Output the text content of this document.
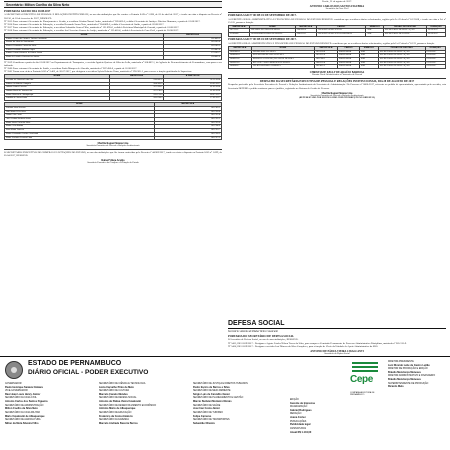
Secretário: Milton Coelho da Silva Neto
PORTARIAS SAD DO DIA 10.08.2017
A SECRETÁRIA EXECUTIVA DE PESSOAL E RELAÇÕES INSTITUCIONAIS, no uso das atribuições que lhe confere a Portaria SAD nº 1.096, de 05 de abril de 2017, e tendo em vista o disposto no Decreto nº 38.150, de 18 de fevereiro de 2017, RESOLVE:
Nº 3555 Fazer retornar à Secretaria de Planejamento e Gestão, a servidora Cristina Nazaré Andre, matrícula nº 385.665-0, cedida à Secretaria de Justiça e Direitos Humanos, a partir de 01.08.2017.
Nº 3556 Fazer retornar à Secretaria de Educação, o servidor Bernardo Souza Neto, matrícula nº 264.869-0, cedido à Secretaria de Saúde, a partir de 02.08.2017.
Nº 3557 Fazer retornar à Secretaria de Educação, a servidora Sebastião Gomes Filho, matrícula nº 131.895-0, cedida à Prefeitura Municipal de Gravatá, a partir de 01.08.2017.
Nº 3558 Fazer retornar à Secretaria de Educação, o servidor José Severino Gomes de Araújo, matrícula nº 125.461-6, cedido à Secretaria de Casa Civil, a partir de 30.08.2017.
NOME	MATRÍCULA
Simone Gomes do Carmo e Freitas Cavalcanti	102.469-3
Rosane da Silva do Nascimento	269.365-6
Marcos Fernandes Freitas da Silva	209.183-2
Sirlani Fernandes Barbosa Lopes	133.847-6
Simoni Cosmi Silvanete de Barros Souza	279.365-7
Maria de Lourdes Vasconcelos Santos	124.461-0
Nº 3559 Considerar a partir do dia 01.08.2017 no Departamento de Transportes, o servidor Ignácio Queiroz de Oliveira Lolla, matrícula nº 106.887-1, da Agência de Desenvolvimento de Pernambuco, com prazo a ser indicado.
Nº 3560 Fazer retornar à Secretaria de Saúde, a servidora Paula Marques de Almeida, matrícula nº 287.456-0, a partir de 01.08.2017.
Nº 3561 Tornar sem efeito a Portaria SAD nº 3.403, de 26.07.2017, que designou a servidora Sylvia Roberta Viana, matrícula nº 298.365-1, para exercer a função gratificada de Supervisor.
NOME	MATRÍCULA	A PARTIR DE
Gerlaine de Oliveira Lobo Lira	228.047-2	01.11.2016
Edilene Sá Ribeiro Campelo	264.385-5	05.01.2017
Juliana Gomes Ferreira	327.395-7	01.01.2016
Janaina Maria de Vasconcelos	207.196-0	01.05.2016
Maria Oliveira de Albuquerque	295.153-0	08.07.2017
Ivanilda de Souza Paula	283.294-3	17.02.2017
NOME	MATRÍCULA
Luciana Silva Bezerra	380.789-2
Jane Maria Félix Silva	380.790-6
Joana Félix Costa	380.791-4
Ana Cristina Barbosa Souza	380.792-2
Maria Lúcia Vieira da Silva	380.793-0
Maria Célia Batista	380.794-9
Rosa Maria Fonseca	380.795-7
Maria Alessandra Coelho Cavalcanti	380.796-5
Maria Verônica Ferreira Lima	380.797-3
Marília Raquel Simões Lins
Secretária Executiva de Pessoal e Relações Institucionais
O SECRETÁRIO EXECUTIVO DE COMPRAS E LICITAÇÕES DO ESTADO, no uso das atribuições que lhe foram conferidas pelo Decreto nº 44.963/2017, tendo em vista o disposto na Portaria SAD nº 1.099, de 05.04.2017, RESOLVE:
Rafael Vilaça Araújo
Secretário Executivo de Compras e Licitação do Estado
Recife, 31 de agosto de 2017.
ANTONIO CARLOS DOS SANTOS FIGUEIRA
Secretário da Casa Civil
PORTARIA SAD Nº 00 DE 01 DE SETEMBRO DE 2017.
A GERENTE GERAL ADMINISTRATIVA E FINANCEIRA DE PESSOAL DO ESTADO RESOLVE: considerar que servidores abaixo relacionados, regidos pela Lei Federal nº 6.123/68, e tendo em vista a Lei nº 15.105, passam a lotação.
MATRÍCULA	NOME	MATRÍCULA	CARGO	SÍMBOLO	ÓRGÃO DE DESTINO	DURAÇÃO
247765-2	GRASIEL JUSTINO DE MELO	396.999-4	ANALISTA EXECUTIVO	SIM	SECRETARIA DE EDUCAÇÃO	01.09.2017
355654-6	WANDERSON ROSA DE SOUZA	396.031-6	ANALISTA EXECUTIVO JURÍDICO	SIM	SECRETARIA DE SAÚDE	01.09.2017
PORTARIA SAD Nº 00 DE 01 DE SETEMBRO DE 2017.
A GERENTE GERAL ADMINISTRATIVA E FINANCEIRA DE PESSOAL DO ESTADO RESOLVE: considerar que os servidores abaixo relacionados, regidos pela Lei Federal nº 6.123, passam a lotação.
MATRÍCULA	NOME	MATRÍCULA	CARGO	SÍMBOLO	ÓRGÃO DE DESTINO	DURAÇÃO
3482066-4	PEDRO JOSE DA SILVA	383.510-8	PROFESSOR	SIM	SECRETARIA DE EDUCAÇÃO	01.09.2017
3484166-4	SUZANI REGINA DE SANTANA	383.511-6	PROFESSOR	SIM	SECRETARIA DE EDUCAÇÃO	01.09.2017
3484165-6	MARIA DA CONCEIÇÃO ALVES DE LIMA	380.798-1	PROFESSOR	SIM	SECRETARIA DE EDUCAÇÃO	01.09.2017
3480163-0	RITA DE CÁSSIA MORAES DE SOUZA	384.512-4	PROFESSOR	SIM	SECRETARIA DE EDUCAÇÃO	01.09.2017
3486083-7	FELIPE BEZERRA CORREIA	382.451-3	PROFESSOR	SIM	SECRETARIA DE EDUCAÇÃO	01.09.2017
CHRISTIANE KELLY DE ARAÚJO BARBOSA
Gerente Geral Administrativa e Financeira de Pessoal
DESPACHO DA SECRETÁRIA EXECUTIVA DE PESSOAL E RELAÇÕES INSTITUCIONAIS, DIA 28 DE AGOSTO DE 2017
Despacho proferido pela Secretária Executiva de Pessoal e Relações Institucionais da Secretaria de Administração. No Processo nº 0000-2017, referente ao pedido de aposentadoria, apresentado pelo servidor, esta Secretaria DEFERE o pedido conforme parecer jurídico, registrado no Sistema de Gestão de Pessoas.
Marília Raquel Simões Lins
Secretária Executiva de Pessoal e Relações Institucionais
(REPUBLICADO POR HAVER SAIDO COM INCORREÇÃO NO ORIGINAL)
DEFESA SOCIAL
Secretário: Antonio de Pádua Vieira Cavalcanti
PORTARIA DO SECRETÁRIO DE DEFESA SOCIAL
O Secretário de Defesa Social, no uso de suas atribuições, RESOLVE:
Nº 5455, DE 01/09/2017 - Designar o Agente Linder Nilson Torres da Silva, para compor a Comissão Permanente de Processo Administrativo Disciplinar, matrícula nº 265.315-9.
Nº 5456, DE 01/09/2017 - Designar o servidor José Marcos da Silva Gonçalves, para a função de Chefe da Unidade de Apoio Administrativo da SDS.
ANTONIO DE PÁDUA VIEIRA CAVALCANTI
Secretário de Defesa Social
ESTADO DE PERNAMBUCO
DIÁRIO OFICIAL - PODER EXECUTIVO
GOVERNADOR
Paulo Henrique Saraiva Câmara
VICE-GOVERNADOR
Raul Jean Louis Henry Júnior
SECRETÁRIO DA CASA CIVIL
Antonio Carlos dos Santos Figueira
SECRETÁRIO DE ADMINISTRAÇÃO
Milton Coelho da Silva Neto
SECRETÁRIO DA CASA MILITAR
Mário Cavalcanti de Albuquerque
SECRETÁRIO DE AGRICULTURA
Nilton da Mota Silveira Filho
SECRETÁRIO DE CIÊNCIA E TECNOLOGIA
Lúcia Carvalho Pinto de Melo
SECRETÁRIO DE CULTURA
Marcelo Canuto Mendes
SECRETÁRIO DE DEFESA SOCIAL
Antonio de Pádua Vieira Cavalcanti
SECRETÁRIO DE DESENVOLVIMENTO ECONÔMICO
Antônio Mário de Albuquerque
SECRETÁRIO DE EDUCAÇÃO
Frederico da Costa Amâncio
SECRETÁRIO DA FAZENDA
Marcelo Andrade Bezerra Barros
SECRETÁRIO DE JUSTIÇA E DIREITOS HUMANOS
Pedro Eurico de Barros e Silva
SECRETÁRIO DE MEIO AMBIENTE
Sérgio Luís de Carvalho Xavier
SECRETÁRIO DE PLANEJAMENTO E GESTÃO
Márcio Stefanni Monteiro Morais
SECRETÁRIO DE SAÚDE
José Iran Costa Júnior
SECRETÁRIO DE TURISMO
Felipe Carreras
SECRETÁRIO DE TRANSPORTES
Sebastião Oliveira
Cepe
COMPANHIA EDITORA DE PERNAMBUCO
DIRETOR-PRESIDENTE
Luiz Ricardo Leite de Castro Leitão
DIRETOR DE PRODUÇÃO E EDIÇÃO
Bráulio Mendonça Meneses
DIRETOR ADMINISTRATIVO E FINANCEIRO
Bráulio Mendonça Meneses
SUPERINTENDENTE DE PRODUÇÃO
Ricardo Melo
EDIÇÃO
Gerente de Imprensa
DIAGRAMAÇÃO
Gabriel Rodrigues
REDAÇÃO
Joana Cortez
PUBLICAÇÕES
Publicidade legal
ASSINATURAS
Anual R$ 1.144,00
